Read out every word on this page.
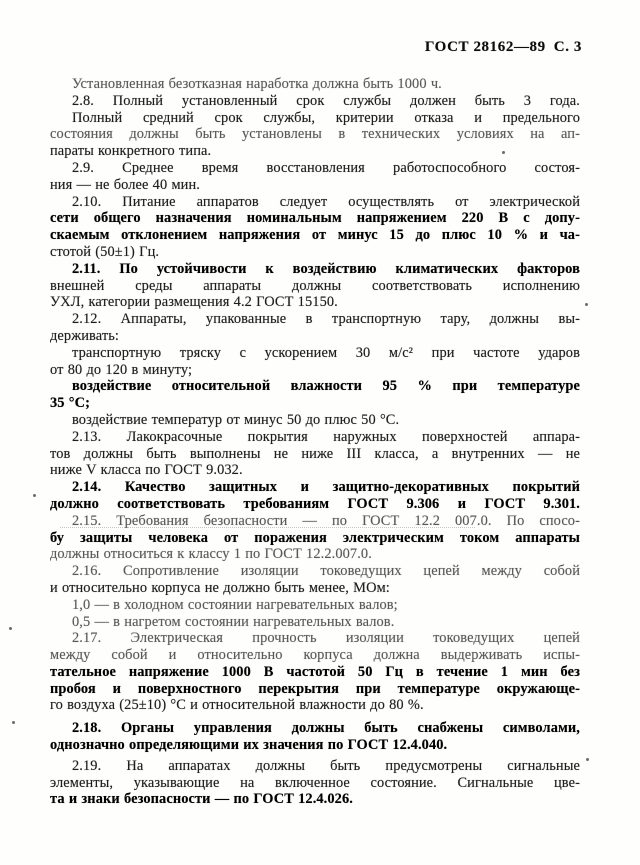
ГОСТ 28162—89 С. 3
Установленная безотказная наработка должна быть 1000 ч.
2.8. Полный установленный срок службы должен быть 3 года.
Полный средний срок службы, критерии отказа и предельного
состояния должны быть установлены в технических условиях на ап-
параты конкретного типа.
2.9. Среднее время восстановления работоспособного состоя-
ния — не более 40 мин.
2.10. Питание аппаратов следует осуществлять от электрической
сети общего назначения номинальным напряжением 220 В с допу-
скаемым отклонением напряжения от минус 15 до плюс 10 % и ча-
стотой (50±1) Гц.
2.11. По устойчивости к воздействию климатических факторов
внешней среды аппараты должны соответствовать исполнению
УХЛ, категории размещения 4.2 ГОСТ 15150.
2.12. Аппараты, упакованные в транспортную тару, должны вы-
держивать:
транспортную тряску с ускорением 30 м/с² при частоте ударов
от 80 до 120 в минуту;
воздействие относительной влажности 95 % при температуре
35 °С;
воздействие температур от минус 50 до плюс 50 °С.
2.13. Лакокрасочные покрытия наружных поверхностей аппара-
тов должны быть выполнены не ниже III класса, а внутренних — не
ниже V класса по ГОСТ 9.032.
2.14. Качество защитных и защитно-декоративных покрытий
должно соответствовать требованиям ГОСТ 9.306 и ГОСТ 9.301.
2.15. Требования безопасности — по ГОСТ 12.2 007.0. По спосо-
бу защиты человека от поражения электрическим током аппараты
должны относиться к классу 1 по ГОСТ 12.2.007.0.
2.16. Сопротивление изоляции токоведущих цепей между собой
и относительно корпуса не должно быть менее, МОм:
1,0 — в холодном состоянии нагревательных валов;
0,5 — в нагретом состоянии нагревательных валов.
2.17. Электрическая прочность изоляции токоведущих цепей
между собой и относительно корпуса должна выдерживать испы-
тательное напряжение 1000 В частотой 50 Гц в течение 1 мин без
пробоя и поверхностного перекрытия при температуре окружающе-
го воздуха (25±10) °С и относительной влажности до 80 %.
2.18. Органы управления должны быть снабжены символами,
однозначно определяющими их значения по ГОСТ 12.4.040.
2.19. На аппаратах должны быть предусмотрены сигнальные
элементы, указывающие на включенное состояние. Сигнальные цве-
та и знаки безопасности — по ГОСТ 12.4.026.
